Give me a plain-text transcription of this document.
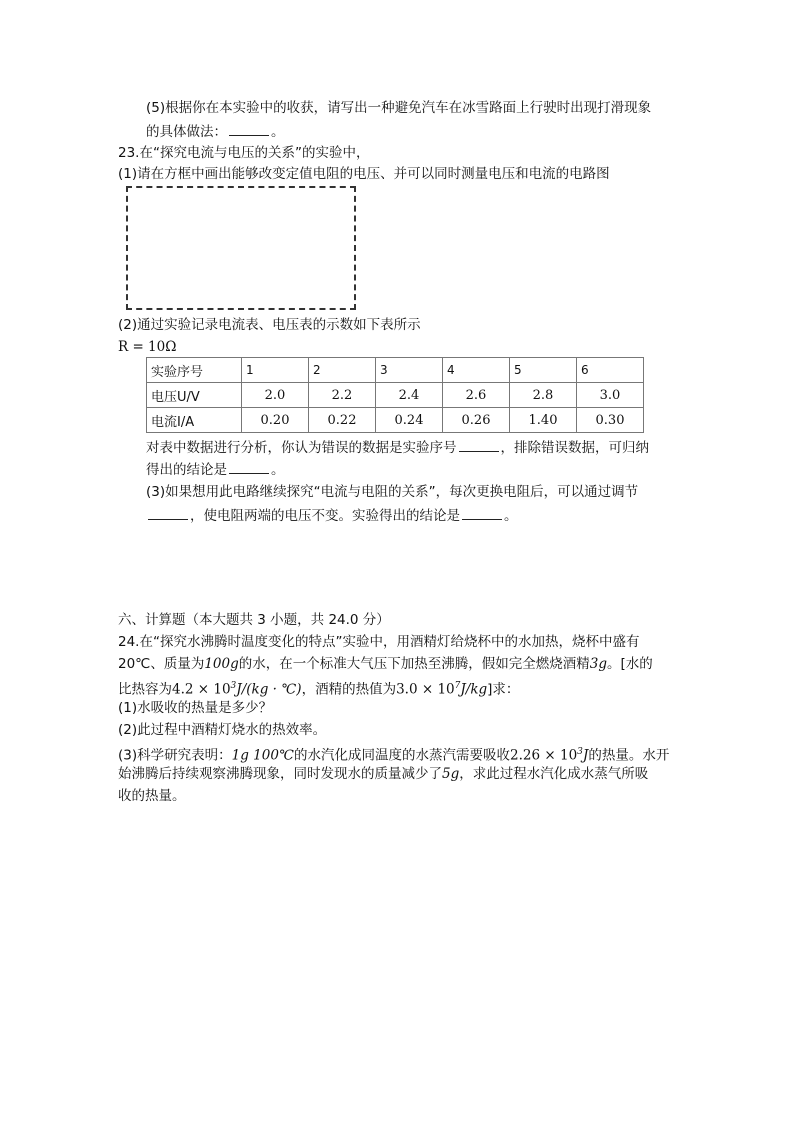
(5)根据你在本实验中的收获，请写出一种避免汽车在冰雪路面上行驶时出现打滑现象
的具体做法：	。
23.在“探究电流与电压的关系”的实验中，
(1)请在方框中画出能够改变定值电阻的电压、并可以同时测量电压和电流的电路图
(2)通过实验记录电流表、电压表的示数如下表所示
R = 10Ω
实验序号	1	2	3	4	5	6
电压U/V	2.0	2.2	2.4	2.6	2.8	3.0
电流I/A	0.20	0.22	0.24	0.26	1.40	0.30
对表中数据进行分析，你认为错误的数据是实验序号	，排除错误数据，可归纳
得出的结论是	。
(3)如果想用此电路继续探究“电流与电阻的关系”，每次更换电阻后，可以通过调节
，使电阻两端的电压不变。实验得出的结论是	。
六、计算题（本大题共 3 小题，共 24.0 分）
24.在“探究水沸腾时温度变化的特点”实验中，用酒精灯给烧杯中的水加热，烧杯中盛有
20℃、质量为100g的水，在一个标准大气压下加热至沸腾，假如完全燃烧酒精3g。[水的
比热容为$4.2 \times 10^3J/(kg$ · ℃)，酒精的热值为$3.0 \times 10^7J/kg$]求：
(1)水吸收的热量是多少？
(2)此过程中酒精灯烧水的热效率。
(3)科学研究表明：1g 100℃的水汽化成同温度的水蒸汽需要吸收$2.26 \times 10^3J$的热量。水开
始沸腾后持续观察沸腾现象，同时发现水的质量减少了5g，求此过程水汽化成水蒸气所吸
收的热量。
